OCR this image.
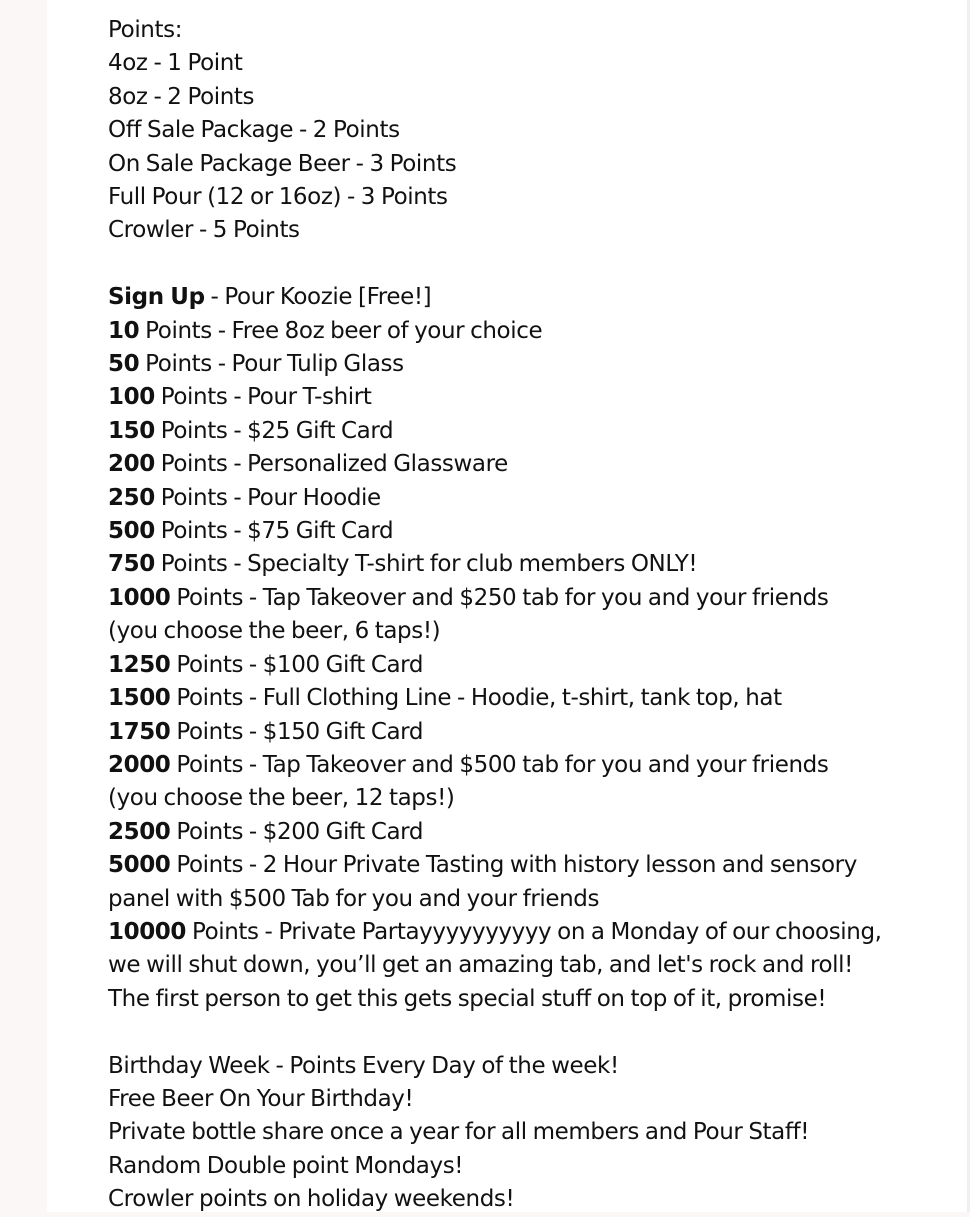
Points:
4oz - 1 Point
8oz - 2 Points
Off Sale Package - 2 Points
On Sale Package Beer - 3 Points
Full Pour (12 or 16oz) - 3 Points
Crowler - 5 Points
Sign Up - Pour Koozie [Free!]
10 Points - Free 8oz beer of your choice
50 Points - Pour Tulip Glass
100 Points - Pour T-shirt
150 Points - $25 Gift Card
200 Points - Personalized Glassware
250 Points - Pour Hoodie
500 Points - $75 Gift Card
750 Points - Specialty T-shirt for club members ONLY!
1000 Points - Tap Takeover and $250 tab for you and your friends
(you choose the beer, 6 taps!)
1250 Points - $100 Gift Card
1500 Points - Full Clothing Line - Hoodie, t-shirt, tank top, hat
1750 Points - $150 Gift Card
2000 Points - Tap Takeover and $500 tab for you and your friends
(you choose the beer, 12 taps!)
2500 Points - $200 Gift Card
5000 Points - 2 Hour Private Tasting with history lesson and sensory
panel with $500 Tab for you and your friends
10000 Points - Private Partayyyyyyyyyy on a Monday of our choosing,
we will shut down, you’ll get an amazing tab, and let's rock and roll!
The first person to get this gets special stuff on top of it, promise!
Birthday Week - Points Every Day of the week!
Free Beer On Your Birthday!
Private bottle share once a year for all members and Pour Staff!
Random Double point Mondays!
Crowler points on holiday weekends!
